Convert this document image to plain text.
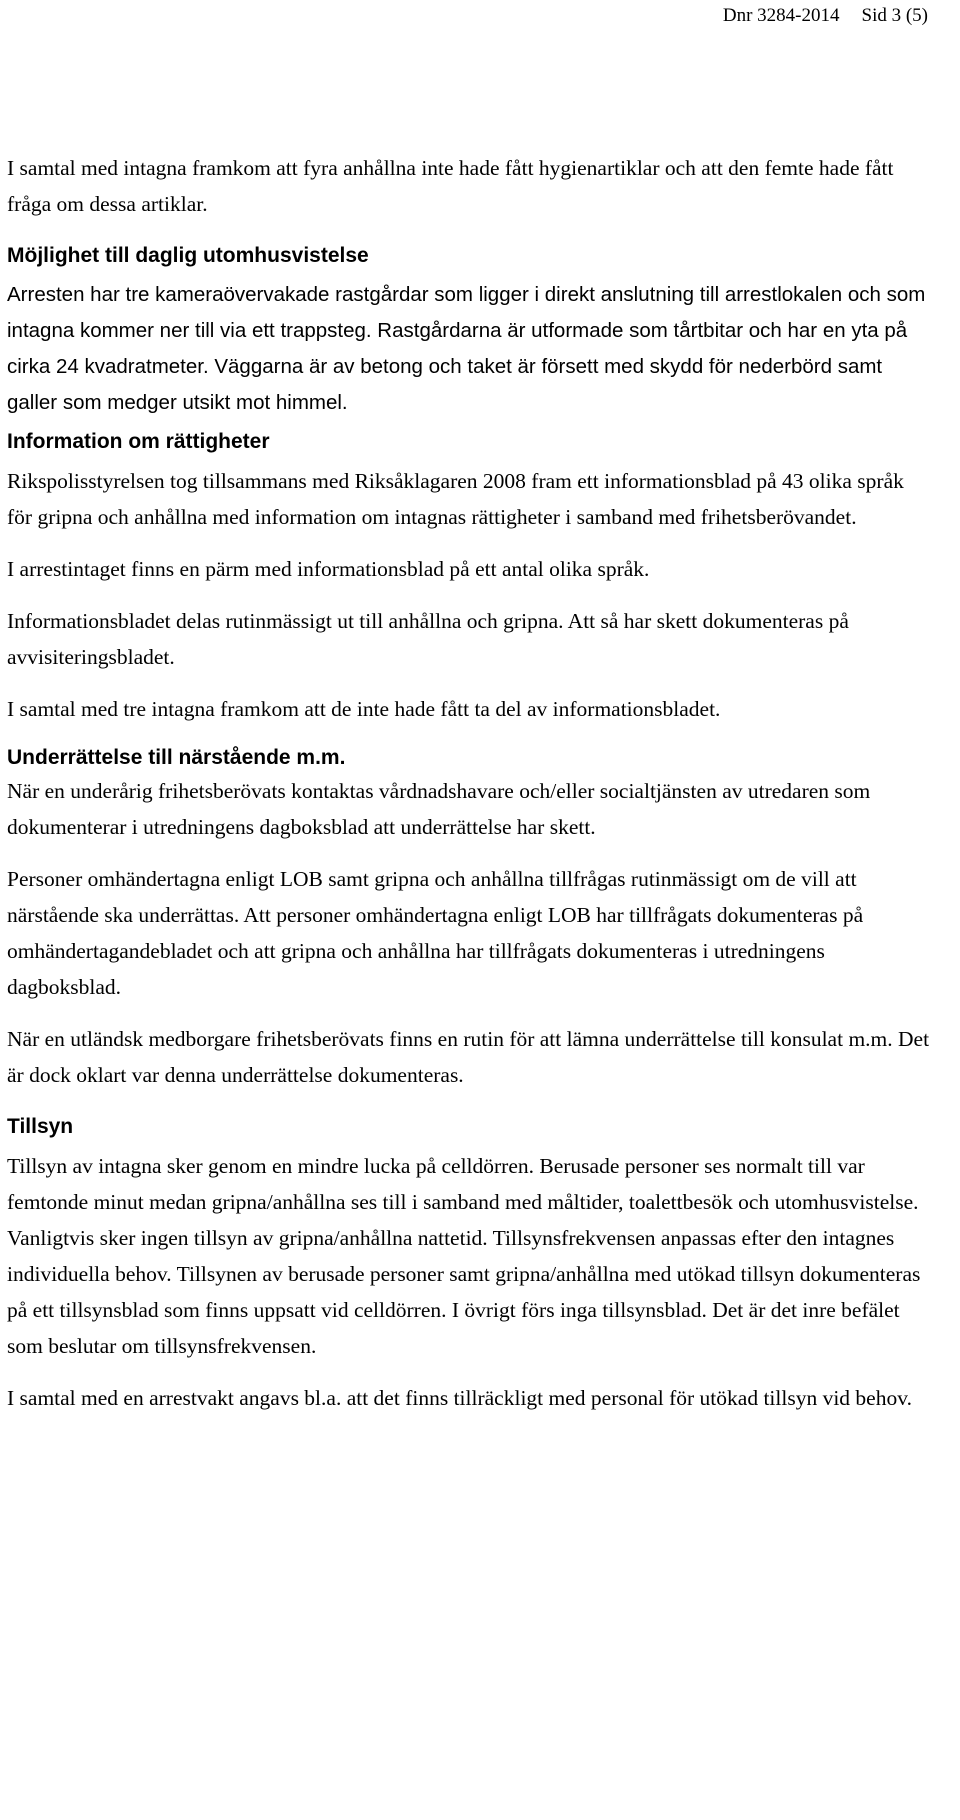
Dnr 3284-2014 Sid 3 (5)

I samtal med intagna framkom att fyra anhållna inte hade fått hygienartiklar och att den femte hade fått fråga om dessa artiklar.

Möjlighet till daglig utomhusvistelse

Arresten har tre kameraövervakade rastgårdar som ligger i direkt anslutning till arrestlokalen och som intagna kommer ner till via ett trappsteg. Rastgårdarna är utformade som tårtbitar och har en yta på cirka 24 kvadratmeter. Väggarna är av betong och taket är försett med skydd för nederbörd samt galler som medger utsikt mot himmel.

Information om rättigheter

Rikspolisstyrelsen tog tillsammans med Riksåklagaren 2008 fram ett informationsblad på 43 olika språk för gripna och anhållna med information om intagnas rättigheter i samband med frihetsberövandet.

I arrestintaget finns en pärm med informationsblad på ett antal olika språk.

Informationsbladet delas rutinmässigt ut till anhållna och gripna. Att så har skett dokumenteras på avvisiteringsbladet.

I samtal med tre intagna framkom att de inte hade fått ta del av informationsbladet.

Underrättelse till närstående m.m.

När en underårig frihetsberövats kontaktas vårdnadshavare och/eller socialtjänsten av utredaren som dokumenterar i utredningens dagboksblad att underrättelse har skett.

Personer omhändertagna enligt LOB samt gripna och anhållna tillfrågas rutinmässigt om de vill att närstående ska underrättas. Att personer omhändertagna enligt LOB har tillfrågats dokumenteras på omhändertagandebladet och att gripna och anhållna har tillfrågats dokumenteras i utredningens dagboksblad.

När en utländsk medborgare frihetsberövats finns en rutin för att lämna underrättelse till konsulat m.m. Det är dock oklart var denna underrättelse dokumenteras.

Tillsyn

Tillsyn av intagna sker genom en mindre lucka på celldörren. Berusade personer ses normalt till var femtonde minut medan gripna/anhållna ses till i samband med måltider, toalettbesök och utomhusvistelse. Vanligtvis sker ingen tillsyn av gripna/anhållna nattetid. Tillsynsfrekvensen anpassas efter den intagnes individuella behov. Tillsynen av berusade personer samt gripna/anhållna med utökad tillsyn dokumenteras på ett tillsynsblad som finns uppsatt vid celldörren. I övrigt förs inga tillsynsblad. Det är det inre befälet som beslutar om tillsynsfrekvensen.

I samtal med en arrestvakt angavs bl.a. att det finns tillräckligt med personal för utökad tillsyn vid behov.
